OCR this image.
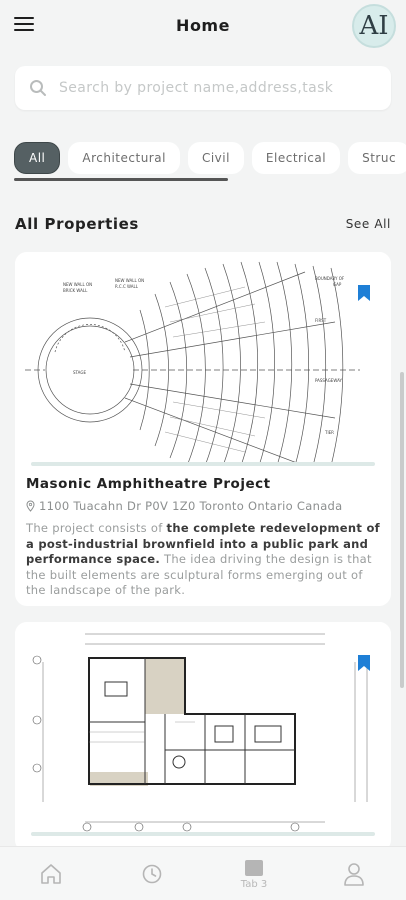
Home	AI
Search by project name,address,task
All	Architectural	Civil	Electrical	Struc
All Properties	See All
NEW WALL ON
BRICK WALL
NEW WALL ON
R.C.C WALL
BOUNDARY OF
GAP
FIRST
PASSAGEWAY
TIER
STAGE
Masonic Amphitheatre Project
1100 Tuacahn Dr P0V 1Z0 Toronto Ontario Canada
The project consists of the complete redevelopment of a post-industrial brownfield into a public park and performance space. The idea driving the design is that the built elements are sculptural forms emerging out of the landscape of the park.
Tab 3
